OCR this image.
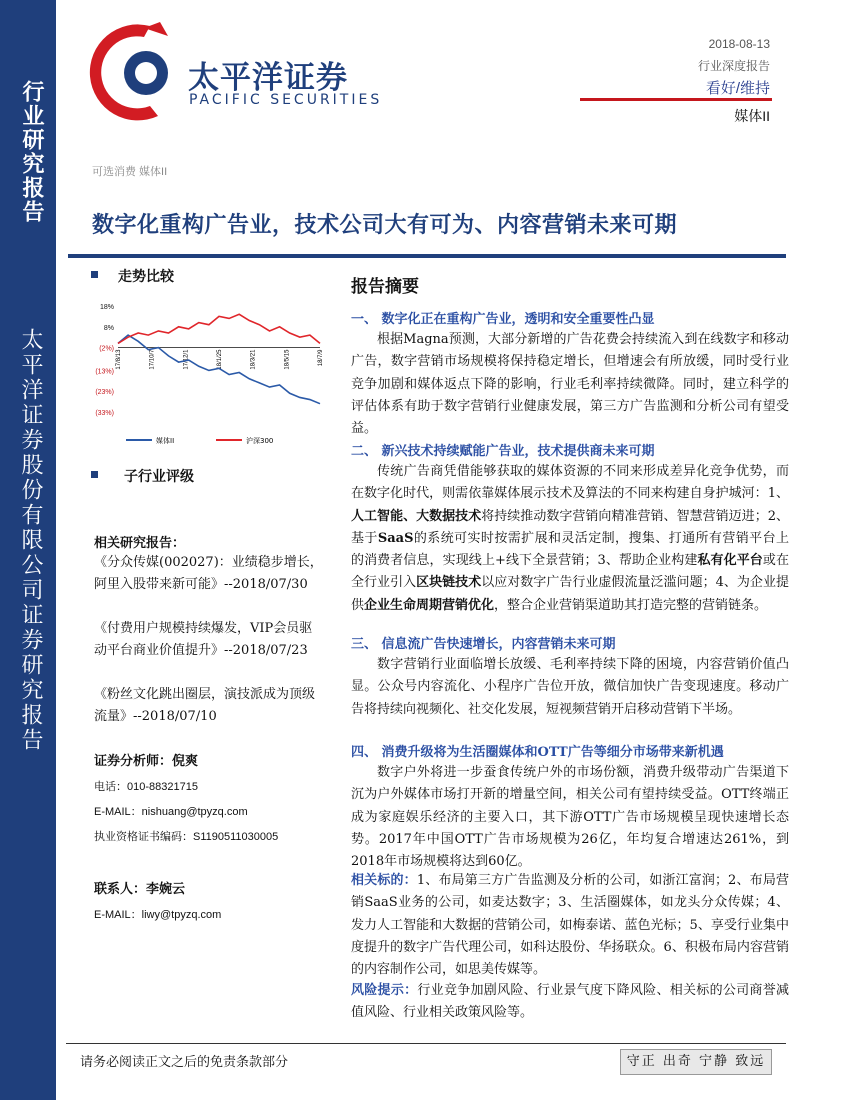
行业研究报告
太平洋证券股份有限公司证券研究报告
太平洋证券
PACIFIC SECURITIES
2018-08-13
行业深度报告
看好/维持
媒体II
可选消费 媒体II
数字化重构广告业，技术公司大有可为、内容营销未来可期
走势比较
18%
8%
(2%)
(13%)
(23%)
(33%)
17/8/13	17/10/7	17/12/1	18/1/25	18/3/21	18/5/15	18/7/9
媒体II	沪深300
子行业评级
相关研究报告：
《分众传媒(002027)：业绩稳步增长，阿里入股带来新可能》--2018/07/30
《付费用户规模持续爆发，VIP会员驱动平台商业价值提升》--2018/07/23
《粉丝文化跳出圈层，演技派成为顶级流量》--2018/07/10
证券分析师：倪爽
电话：010-88321715
E-MAIL：nishuang@tpyzq.com
执业资格证书编码：S1190511030005
联系人：李婉云
E-MAIL：liwy@tpyzq.com
报告摘要
一、 数字化正在重构广告业，透明和安全重要性凸显
根据Magna预测，大部分新增的广告花费会持续流入到在线数字和移动广告，数字营销市场规模将保持稳定增长，但增速会有所放缓，同时受行业竞争加剧和媒体返点下降的影响，行业毛利率持续微降。同时，建立科学的评估体系有助于数字营销行业健康发展，第三方广告监测和分析公司有望受益。
二、 新兴技术持续赋能广告业，技术提供商未来可期
传统广告商凭借能够获取的媒体资源的不同来形成差异化竞争优势，而在数字化时代，则需依靠媒体展示技术及算法的不同来构建自身护城河：1、人工智能、大数据技术将持续推动数字营销向精准营销、智慧营销迈进；2、基于SaaS的系统可实时按需扩展和灵活定制，搜集、打通所有营销平台上的消费者信息，实现线上+线下全景营销；3、帮助企业构建私有化平台或在全行业引入区块链技术以应对数字广告行业虚假流量泛滥问题；4、为企业提供企业生命周期营销优化，整合企业营销渠道助其打造完整的营销链条。
三、 信息流广告快速增长，内容营销未来可期
数字营销行业面临增长放缓、毛利率持续下降的困境，内容营销价值凸显。公众号内容流化、小程序广告位开放，微信加快广告变现速度。移动广告将持续向视频化、社交化发展，短视频营销开启移动营销下半场。
四、 消费升级将为生活圈媒体和OTT广告等细分市场带来新机遇
数字户外将进一步蚕食传统户外的市场份额，消费升级带动广告渠道下沉为户外媒体市场打开新的增量空间，相关公司有望持续受益。OTT终端正成为家庭娱乐经济的主要入口，其下游OTT广告市场规模呈现快速增长态势。2017年中国OTT广告市场规模为26亿，年均复合增速达261%，到2018年市场规模将达到60亿。
相关标的：1、布局第三方广告监测及分析的公司，如浙江富润；2、布局营销SaaS业务的公司，如麦达数字；3、生活圈媒体，如龙头分众传媒；4、发力人工智能和大数据的营销公司，如梅泰诺、蓝色光标；5、享受行业集中度提升的数字广告代理公司，如科达股份、华扬联众。6、积极布局内容营销的内容制作公司，如思美传媒等。
风险提示：行业竞争加剧风险、行业景气度下降风险、相关标的公司商誉减值风险、行业相关政策风险等。
请务必阅读正文之后的免责条款部分	守正 出奇 宁静 致远
